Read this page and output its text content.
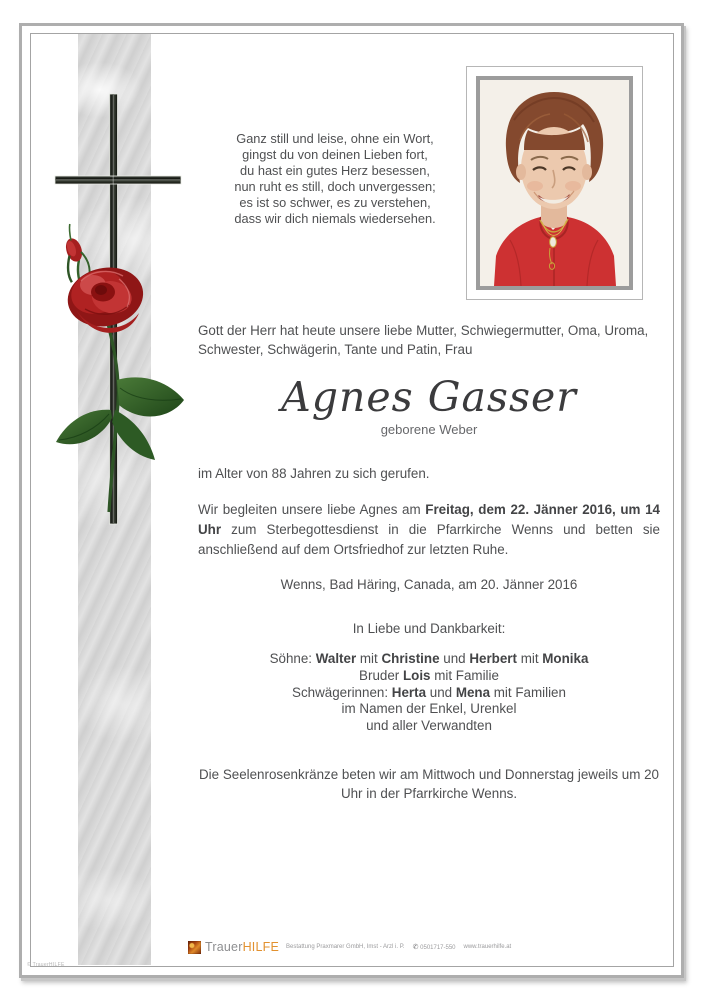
Ganz still und leise, ohne ein Wort,
gingst du von deinen Lieben fort,
du hast ein gutes Herz besessen,
nun ruht es still, doch unvergessen;
es ist so schwer, es zu verstehen,
dass wir dich niemals wiedersehen.
Gott der Herr hat heute unsere liebe Mutter, Schwiegermutter, Oma, Uroma, Schwester, Schwägerin, Tante und Patin, Frau
Agnes Gasser
geborene Weber
im Alter von 88 Jahren zu sich gerufen.
Wir begleiten unsere liebe Agnes am Freitag, dem 22. Jänner 2016, um 14 Uhr zum Sterbegottesdienst in die Pfarrkirche Wenns und betten sie anschließend auf dem Ortsfriedhof zur letzten Ruhe.
Wenns, Bad Häring, Canada, am 20. Jänner 2016
In Liebe und Dankbarkeit:
Söhne: Walter mit Christine und Herbert mit Monika
Bruder Lois mit Familie
Schwägerinnen: Herta und Mena mit Familien
im Namen der Enkel, Urenkel
und aller Verwandten
Die Seelenrosenkränze beten wir am Mittwoch und Donnerstag jeweils um 20 Uhr in der Pfarrkirche Wenns.
TrauerHILFE Bestattung Praxmarer GmbH, Imst - Arzl i. P. ✆ 0501717-550 www.trauerhilfe.at
© TrauerHILFE
